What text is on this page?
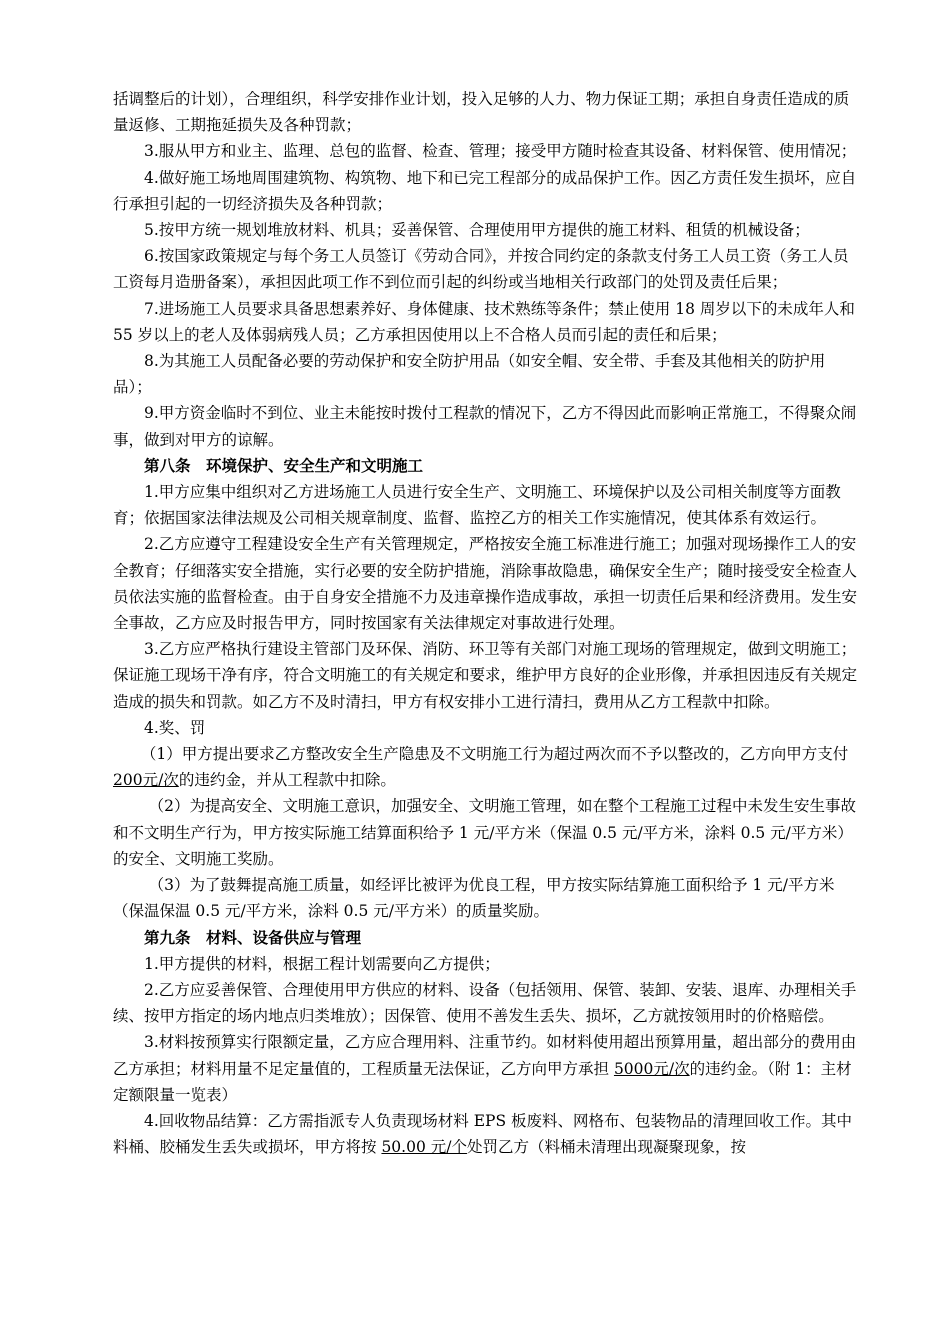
括调整后的计划），合理组织，科学安排作业计划，投入足够的人力、物力保证工期；承担自身责任造成的质量返修、工期拖延损失及各种罚款；

3.服从甲方和业主、监理、总包的监督、检查、管理；接受甲方随时检查其设备、材料保管、使用情况；

4.做好施工场地周围建筑物、构筑物、地下和已完工程部分的成品保护工作。因乙方责任发生损坏，应自行承担引起的一切经济损失及各种罚款；

5.按甲方统一规划堆放材料、机具；妥善保管、合理使用甲方提供的施工材料、租赁的机械设备；

6.按国家政策规定与每个务工人员签订《劳动合同》，并按合同约定的条款支付务工人员工资（务工人员工资每月造册备案），承担因此项工作不到位而引起的纠纷或当地相关行政部门的处罚及责任后果；

7.进场施工人员要求具备思想素养好、身体健康、技术熟练等条件；禁止使用 18 周岁以下的未成年人和 55 岁以上的老人及体弱病残人员；乙方承担因使用以上不合格人员而引起的责任和后果；

8.为其施工人员配备必要的劳动保护和安全防护用品（如安全帽、安全带、手套及其他相关的防护用品）；

9.甲方资金临时不到位、业主未能按时拨付工程款的情况下，乙方不得因此而影响正常施工，不得聚众闹事，做到对甲方的谅解。

第八条　环境保护、安全生产和文明施工

1.甲方应集中组织对乙方进场施工人员进行安全生产、文明施工、环境保护以及公司相关制度等方面教育；依据国家法律法规及公司相关规章制度、监督、监控乙方的相关工作实施情况，使其体系有效运行。

2.乙方应遵守工程建设安全生产有关管理规定，严格按安全施工标准进行施工；加强对现场操作工人的安全教育；仔细落实安全措施，实行必要的安全防护措施，消除事故隐患，确保安全生产；随时接受安全检查人员依法实施的监督检查。由于自身安全措施不力及违章操作造成事故，承担一切责任后果和经济费用。发生安全事故，乙方应及时报告甲方，同时按国家有关法律规定对事故进行处理。

3.乙方应严格执行建设主管部门及环保、消防、环卫等有关部门对施工现场的管理规定，做到文明施工；保证施工现场干净有序，符合文明施工的有关规定和要求，维护甲方良好的企业形像，并承担因违反有关规定造成的损失和罚款。如乙方不及时清扫，甲方有权安排小工进行清扫，费用从乙方工程款中扣除。

4.奖、罚

（1）甲方提出要求乙方整改安全生产隐患及不文明施工行为超过两次而不予以整改的，乙方向甲方支付 200元/次的违约金，并从工程款中扣除。

（2）为提高安全、文明施工意识，加强安全、文明施工管理，如在整个工程施工过程中未发生安生事故和不文明生产行为，甲方按实际施工结算面积给予 1 元/平方米（保温 0.5 元/平方米，涂料 0.5 元/平方米）的安全、文明施工奖励。

（3）为了鼓舞提高施工质量，如经评比被评为优良工程，甲方按实际结算施工面积给予 1 元/平方米（保温保温 0.5 元/平方米，涂料 0.5 元/平方米）的质量奖励。

第九条　材料、设备供应与管理

1.甲方提供的材料，根据工程计划需要向乙方提供；

2.乙方应妥善保管、合理使用甲方供应的材料、设备（包括领用、保管、装卸、安装、退库、办理相关手续、按甲方指定的场内地点归类堆放）；因保管、使用不善发生丢失、损坏，乙方就按领用时的价格赔偿。

3.材料按预算实行限额定量，乙方应合理用料、注重节约。如材料使用超出预算用量，超出部分的费用由乙方承担；材料用量不足定量值的，工程质量无法保证，乙方向甲方承担 5000元/次的违约金。（附 1：主材定额限量一览表）

4.回收物品结算：乙方需指派专人负责现场材料 EPS 板废料、网格布、包装物品的清理回收工作。其中料桶、胶桶发生丢失或损坏，甲方将按 50.00 元/个处罚乙方（料桶未清理出现凝聚现象，按
